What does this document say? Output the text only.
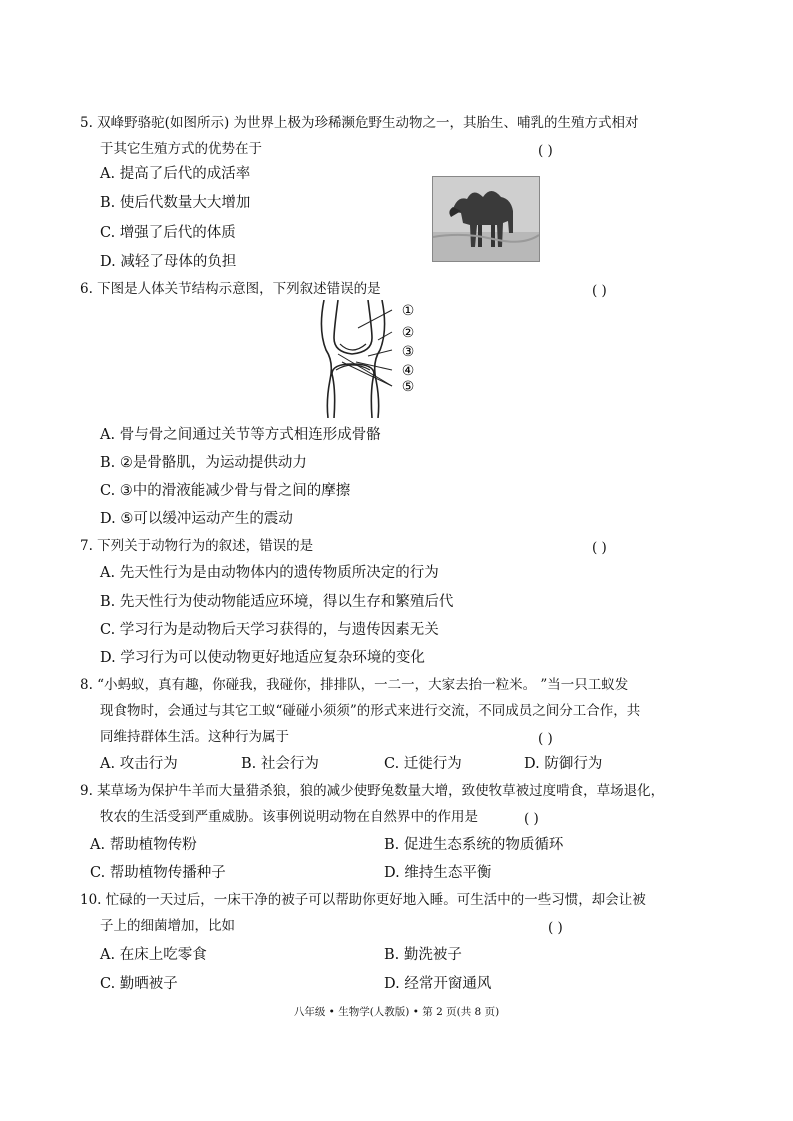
5. 双峰野骆驼(如图所示) 为世界上极为珍稀濒危野生动物之一，其胎生、哺乳的生殖方式相对
于其它生殖方式的优势在于	( )
A. 提高了后代的成活率
B. 使后代数量大大增加
C. 增强了后代的体质
D. 减轻了母体的负担
6. 下图是人体关节结构示意图，下列叙述错误的是	( )
①
②
③
④
⑤
A. 骨与骨之间通过关节等方式相连形成骨骼
B. ②是骨骼肌，为运动提供动力
C. ③中的滑液能减少骨与骨之间的摩擦
D. ⑤可以缓冲运动产生的震动
7. 下列关于动物行为的叙述，错误的是	( )
A. 先天性行为是由动物体内的遗传物质所决定的行为
B. 先天性行为使动物能适应环境，得以生存和繁殖后代
C. 学习行为是动物后天学习获得的，与遗传因素无关
D. 学习行为可以使动物更好地适应复杂环境的变化
8. “小蚂蚁，真有趣，你碰我，我碰你，排排队，一二一，大家去抬一粒米。 ”当一只工蚁发
现食物时，会通过与其它工蚁“碰碰小须须”的形式来进行交流，不同成员之间分工合作，共
同维持群体生活。这种行为属于	( )
A. 攻击行为	B. 社会行为	C. 迁徙行为	D. 防御行为
9. 某草场为保护牛羊而大量猎杀狼，狼的减少使野兔数量大增，致使牧草被过度啃食，草场退化，
牧农的生活受到严重威胁。该事例说明动物在自然界中的作用是	( )
A. 帮助植物传粉	B. 促进生态系统的物质循环
C. 帮助植物传播种子	D. 维持生态平衡
10. 忙碌的一天过后，一床干净的被子可以帮助你更好地入睡。可生活中的一些习惯，却会让被
子上的细菌增加，比如	( )
A. 在床上吃零食	B. 勤洗被子
C. 勤晒被子	D. 经常开窗通风
八年级 • 生物学(人教版) • 第 2 页(共 8 页)
